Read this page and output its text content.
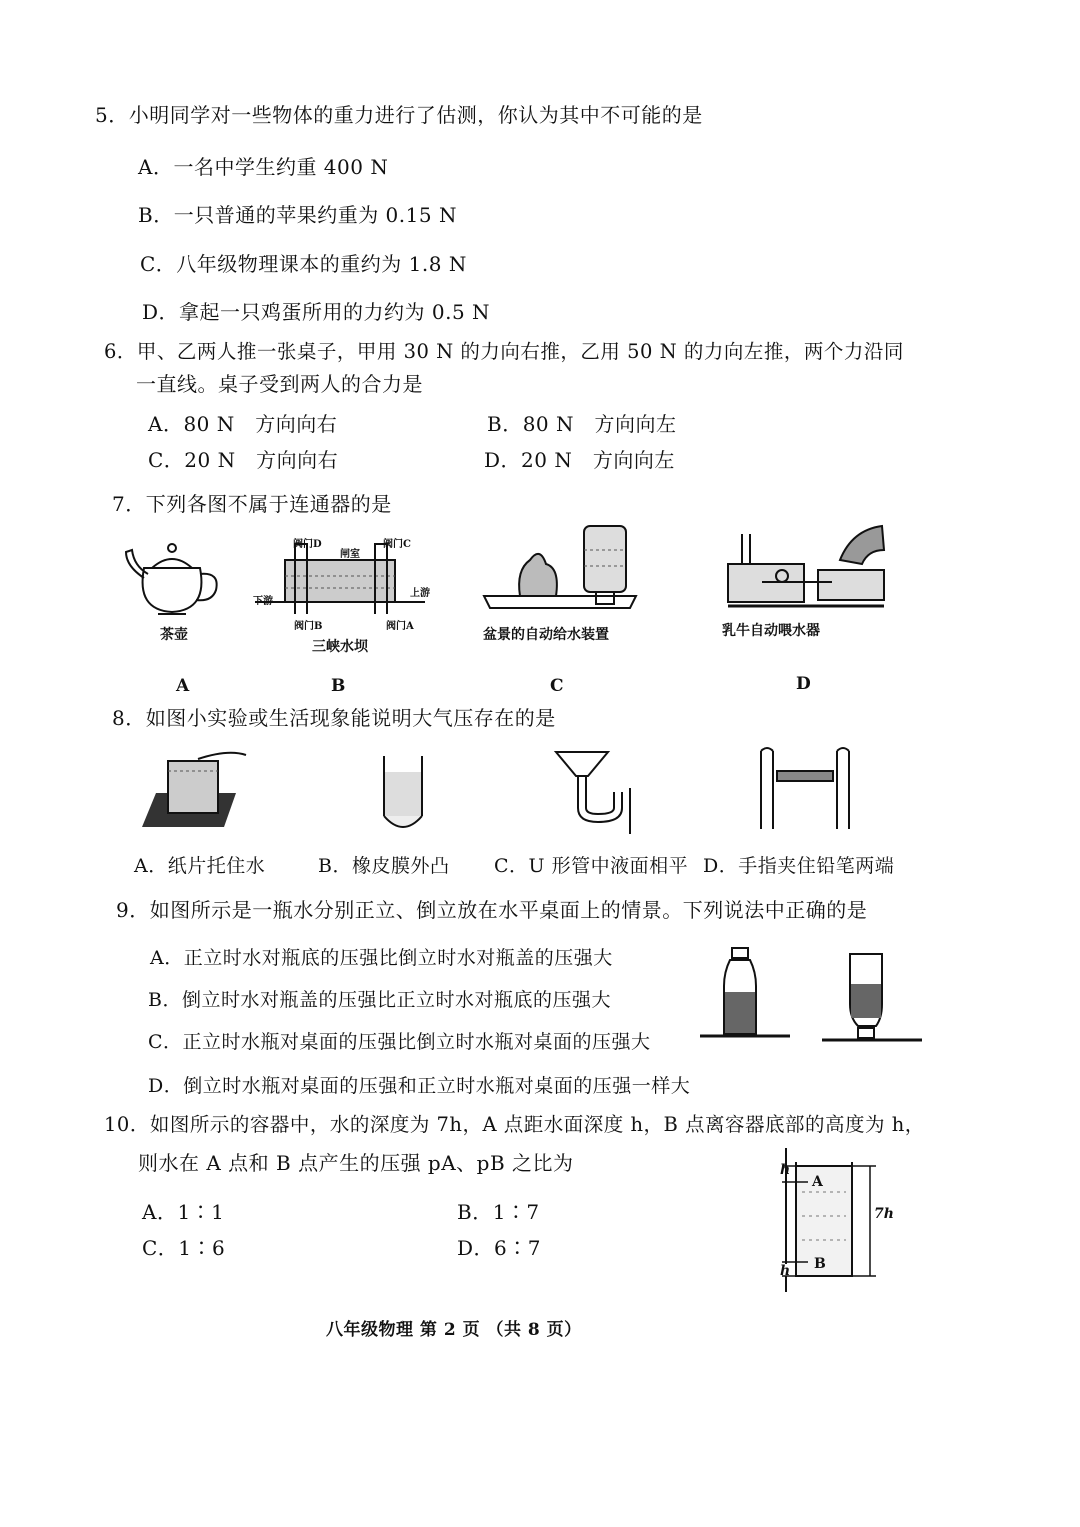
5．小明同学对一些物体的重力进行了估测，你认为其中不可能的是
A．一名中学生约重 400 N
B．一只普通的苹果约重为 0.15 N
C．八年级物理课本的重约为 1.8 N
D．拿起一只鸡蛋所用的力约为 0.5 N
6．甲、乙两人推一张桌子，甲用 30 N 的力向右推，乙用 50 N 的力向左推，两个力沿同
一直线。桌子受到两人的合力是
A．80 N　方向向右	B．80 N　方向向左
C．20 N　方向向右	D．20 N　方向向左
7．下列各图不属于连通器的是
茶壶
阀门D
闸室
阀门C
下游
上游
阀门B	阀门A
三峡水坝
盆景的自动给水装置	乳牛自动喂水器
A	B	C	D
8．如图小实验或生活现象能说明大气压存在的是
A．纸片托住水	B．橡皮膜外凸 C．U 形管中液面相平 D．手指夹住铅笔两端
9．如图所示是一瓶水分别正立、倒立放在水平桌面上的情景。下列说法中正确的是
A．正立时水对瓶底的压强比倒立时水对瓶盖的压强大
B．倒立时水对瓶盖的压强比正立时水对瓶底的压强大
C．正立时水瓶对桌面的压强比倒立时水瓶对桌面的压强大
D．倒立时水瓶对桌面的压强和正立时水瓶对桌面的压强一样大
10．如图所示的容器中，水的深度为 7h，A 点距水面深度 h，B 点离容器底部的高度为 h，
则水在 A 点和 B 点产生的压强 pA、pB 之比为
A．1∶1	B．1∶7
C．1∶6	D．6∶7
h
A
7h
h B
八年级物理 第 2 页 （共 8 页）
